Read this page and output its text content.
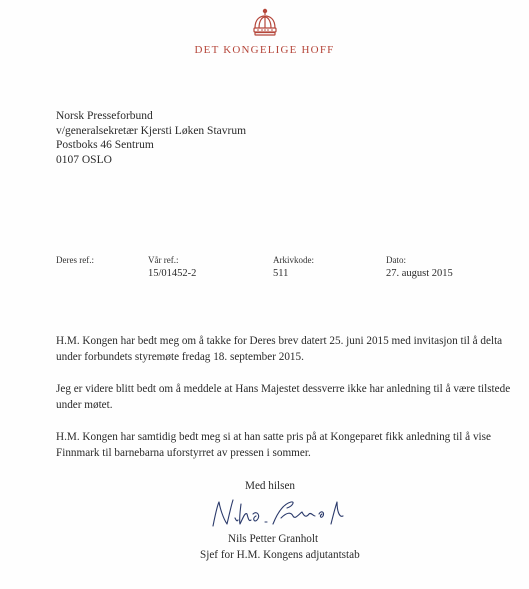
DET KONGELIGE HOFF
Norsk Presseforbund
v/generalsekretær Kjersti Løken Stavrum
Postboks 46 Sentrum
0107 OSLO
Deres ref.:	Vår ref.:
15/01452-2
Arkivkode:
511
Dato:
27. august 2015
H.M. Kongen har bedt meg om å takke for Deres brev datert 25. juni 2015 med invitasjon til å delta under forbundets styremøte fredag 18. september 2015.
Jeg er videre blitt bedt om å meddele at Hans Majestet dessverre ikke har anledning til å være tilstede under møtet.
H.M. Kongen har samtidig bedt meg si at han satte pris på at Kongeparet fikk anledning til å vise Finnmark til barnebarna uforstyrret av pressen i sommer.
Med hilsen
Nils Petter Granholt
Sjef for H.M. Kongens adjutantstab
